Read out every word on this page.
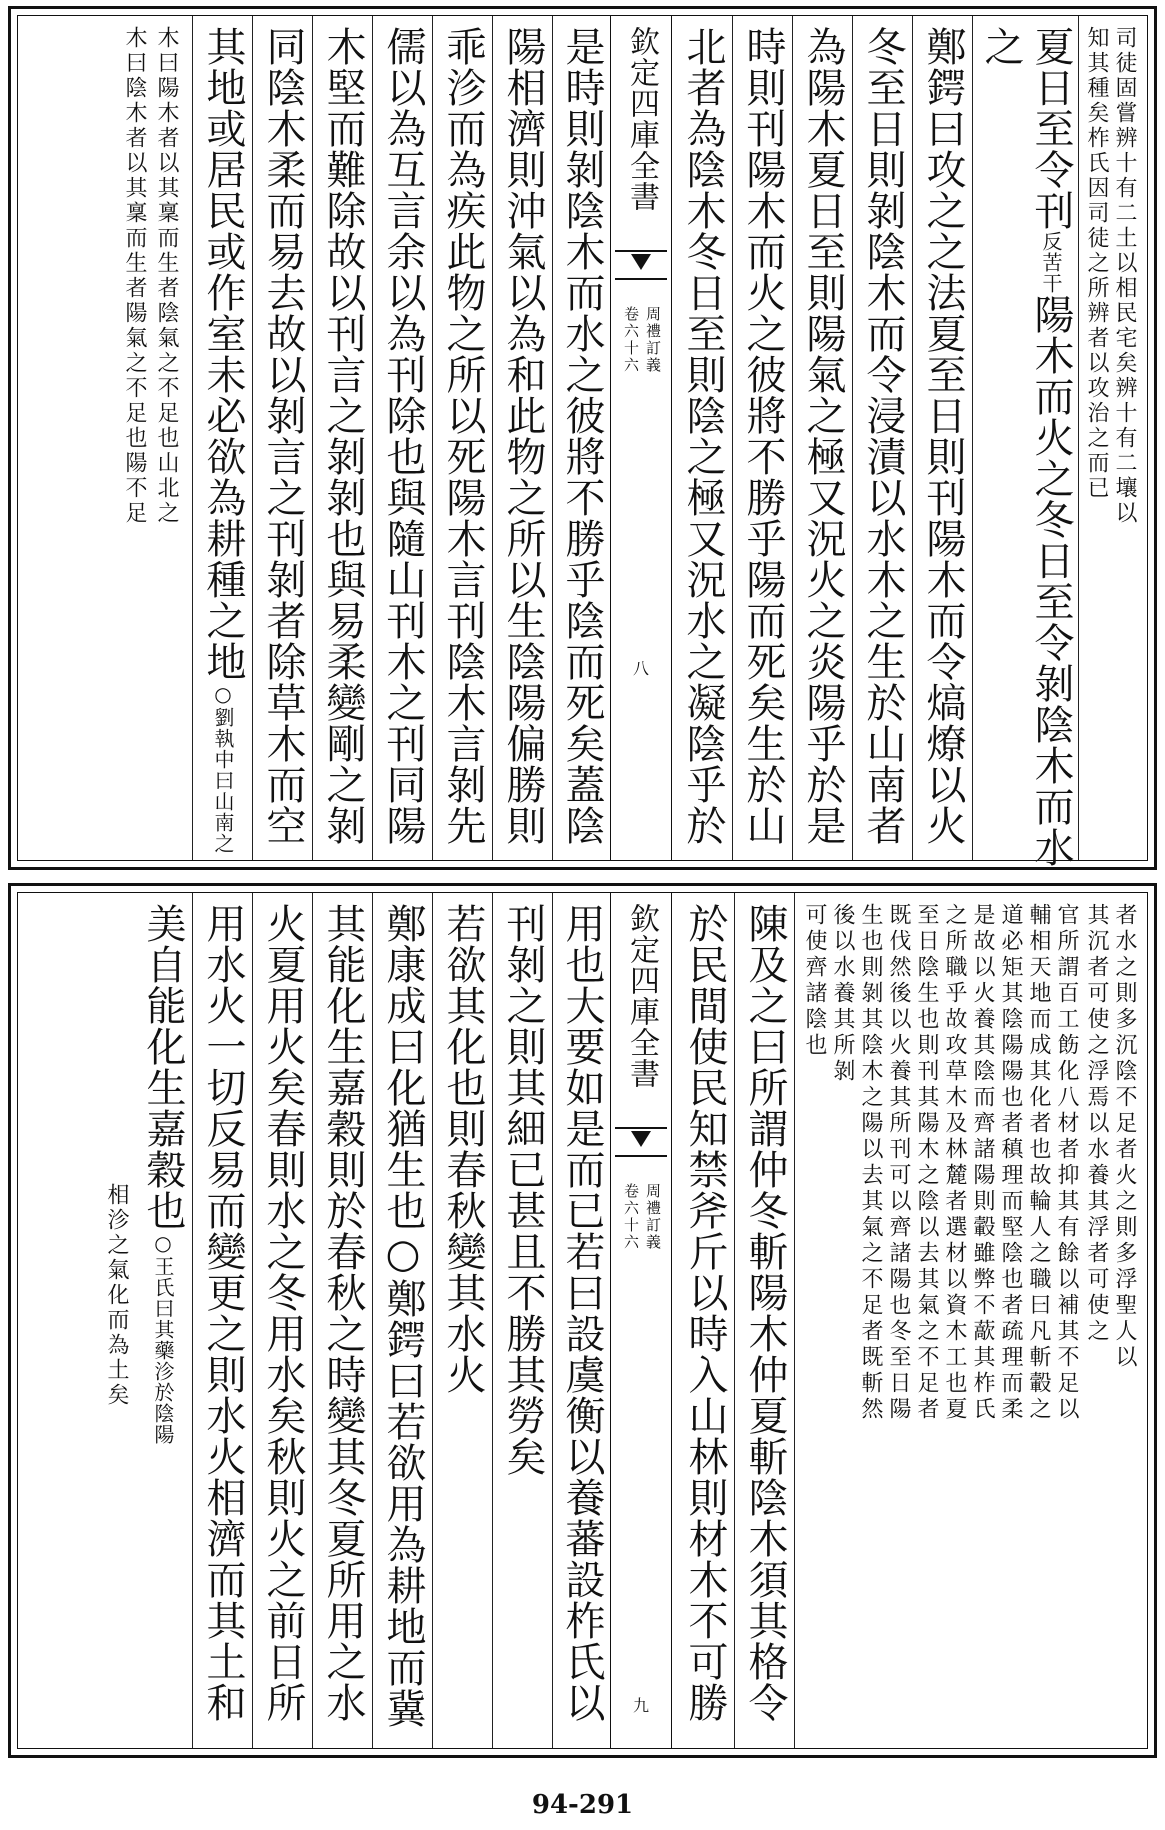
司徒固嘗辨十有二土以相民宅矣辨十有二壤以
知其種矣柞氏因司徒之所辨者以攻治之而已
夏日至令刊反苦干陽木而火之冬日至令剝陰木而水
之
鄭鍔曰攻之之法夏至日則刊陽木而令熇燎以火
冬至日則剝陰木而令浸漬以水木之生於山南者
為陽木夏日至則陽氣之極又況火之炎陽乎於是
時則刊陽木而火之彼將不勝乎陽而死矣生於山
北者為陰木冬日至則陰之極又況水之凝陰乎於
欽定四庫全書
周禮訂義
卷六十六
八
是時則剝陰木而水之彼將不勝乎陰而死矣蓋陰
陽相濟則沖氣以為和此物之所以生陰陽偏勝則
乖沴而為疾此物之所以死陽木言刊陰木言剝先
儒以為互言余以為刊除也與隨山刊木之刊同陽
木堅而難除故以刊言之剝剝也與易柔變剛之剝
同陰木柔而易去故以剝言之刊剝者除草木而空
其地或居民或作室未必欲為耕種之地○劉執中曰山南之
木曰陽木者以其稟而生者陰氣之不足也山北之
木曰陰木者以其稟而生者陽氣之不足也陽不足
者水之則多沉陰不足者火之則多浮聖人以
其沉者可使之浮焉以水養其浮者可使之
官所謂百工飭化八材者抑其有餘以補其不足以
輔相天地而成其化者也故輪人之職曰凡斬轂之
道必矩其陰陽陽也者稹理而堅陰也者疏理而柔
是故以火養其陰而齊諸陽則轂雖弊不藃其柞氏
之所職乎故攻草木及林麓者選材以資木工也夏
至日陰生也則刊其陽木之陰以去其氣之不足者
既伐然後以火養其所刊可以齊諸陽也冬至日陽
生也則剝其陰木之陽以去其氣之不足者既斬然
後以水養其所剝
可使齊諸陰也
陳及之曰所謂仲冬斬陽木仲夏斬陰木須其格令
於民間使民知禁斧斤以時入山林則材木不可勝
欽定四庫全書
周禮訂義
卷六十六
九
用也大要如是而已若曰設虞衡以養蕃設柞氏以
刊剝之則其細已甚且不勝其勞矣
若欲其化也則春秋變其水火
鄭康成曰化猶生也○鄭鍔曰若欲用為耕地而冀
其能化生嘉穀則於春秋之時變其冬夏所用之水
火夏用火矣春則水之冬用水矣秋則火之前日所
用水火一切反易而變更之則水火相濟而其土和
美自能化生嘉穀也○王氏曰其藥沴於陰陽
相沴之氣化而為土矣
94-291
